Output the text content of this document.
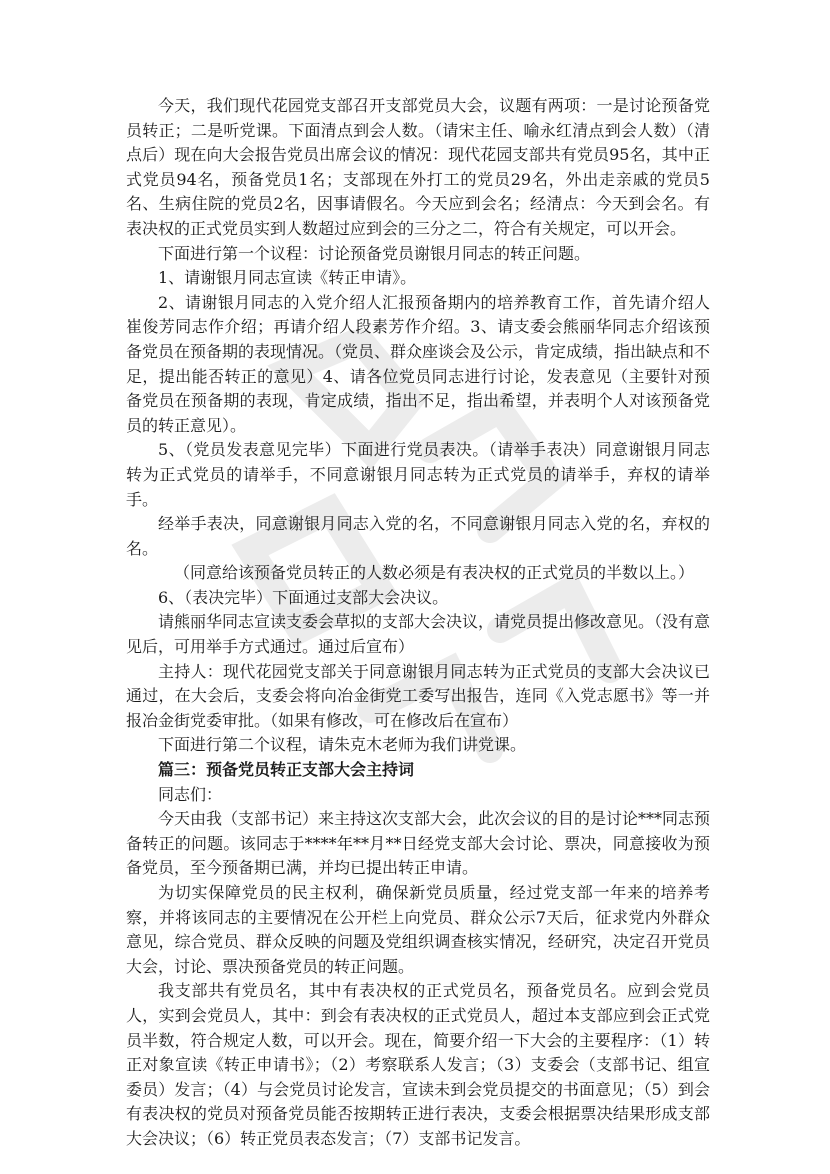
今天，我们现代花园党支部召开支部党员大会，议题有两项：一是讨论预备党员转正；二是听党课。下面清点到会人数。（请宋主任、喻永红清点到会人数）（清点后）现在向大会报告党员出席会议的情况：现代花园支部共有党员95名，其中正式党员94名，预备党员1名；支部现在外打工的党员29名，外出走亲戚的党员5名、生病住院的党员2名，因事请假名。今天应到会名；经清点：今天到会名。有表决权的正式党员实到人数超过应到会的三分之二，符合有关规定，可以开会。

下面进行第一个议程：讨论预备党员谢银月同志的转正问题。

1、请谢银月同志宣读《转正申请》。

2、请谢银月同志的入党介绍人汇报预备期内的培养教育工作，首先请介绍人崔俊芳同志作介绍；再请介绍人段素芳作介绍。3、请支委会熊丽华同志介绍该预备党员在预备期的表现情况。（党员、群众座谈会及公示，肯定成绩，指出缺点和不足，提出能否转正的意见）4、请各位党员同志进行讨论，发表意见（主要针对预备党员在预备期的表现，肯定成绩，指出不足，指出希望，并表明个人对该预备党员的转正意见）。

5、（党员发表意见完毕）下面进行党员表决。（请举手表决）同意谢银月同志转为正式党员的请举手，不同意谢银月同志转为正式党员的请举手，弃权的请举手。

经举手表决，同意谢银月同志入党的名，不同意谢银月同志入党的名，弃权的名。

（同意给该预备党员转正的人数必须是有表决权的正式党员的半数以上。）

6、（表决完毕）下面通过支部大会决议。

请熊丽华同志宣读支委会草拟的支部大会决议，请党员提出修改意见。（没有意见后，可用举手方式通过。通过后宣布）

主持人：现代花园党支部关于同意谢银月同志转为正式党员的支部大会决议已通过，在大会后，支委会将向冶金街党工委写出报告，连同《入党志愿书》等一并报冶金街党委审批。（如果有修改，可在修改后在宣布）

下面进行第二个议程，请朱克木老师为我们讲党课。

篇三：预备党员转正支部大会主持词

同志们：

今天由我（支部书记）来主持这次支部大会，此次会议的目的是讨论***同志预备转正的问题。该同志于****年**月**日经党支部大会讨论、票决，同意接收为预备党员，至今预备期已满，并均已提出转正申请。

为切实保障党员的民主权利，确保新党员质量，经过党支部一年来的培养考察，并将该同志的主要情况在公开栏上向党员、群众公示7天后，征求党内外群众意见，综合党员、群众反映的问题及党组织调查核实情况，经研究，决定召开党员大会，讨论、票决预备党员的转正问题。

我支部共有党员名，其中有表决权的正式党员名，预备党员名。应到会党员人，实到会党员人，其中：到会有表决权的正式党员人，超过本支部应到会正式党员半数，符合规定人数，可以开会。现在，简要介绍一下大会的主要程序：（1）转正对象宣读《转正申请书》；（2）考察联系人发言；（3）支委会（支部书记、组宣委员）发言；（4）与会党员讨论发言，宣读未到会党员提交的书面意见；（5）到会有表决权的党员对预备党员能否按期转正进行表决，支委会根据票决结果形成支部大会决议；（6）转正党员表态发言；（7）支部书记发言。
